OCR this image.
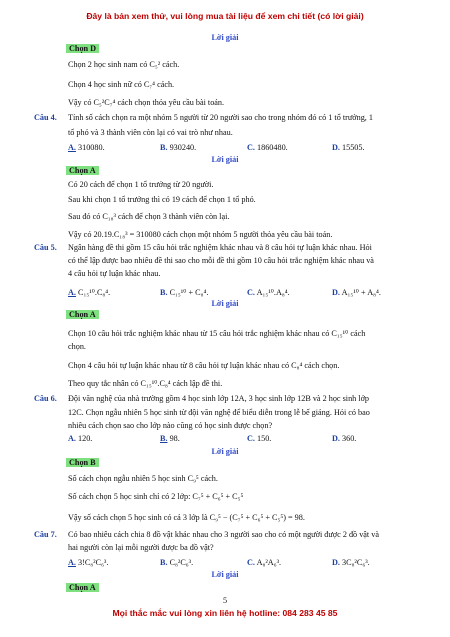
Đây là bản xem thử, vui lòng mua tài liệu để xem chi tiết (có lời giải)
Lời giải
Chọn D
Chọn 2 học sinh nam có C₅² cách.
Chọn 4 học sinh nữ có C₇⁴ cách.
Vậy có C₅²C₇⁴ cách chọn thỏa yêu cầu bài toán.
Câu 4. Tính số cách chọn ra một nhóm 5 người từ 20 người sao cho trong nhóm đó có 1 tổ trưởng, 1
tổ phó và 3 thành viên còn lại có vai trò như nhau.
A. 310080.	B. 930240.	C. 1860480.	D. 15505.
Lời giải
Chọn A
Có 20 cách để chọn 1 tổ trưởng từ 20 người.
Sau khi chọn 1 tổ trưởng thì có 19 cách để chọn 1 tổ phó.
Sau đó có C₁₈³ cách để chọn 3 thành viên còn lại.
Vậy có 20.19.C₁₈³ = 310080 cách chọn một nhóm 5 người thỏa yêu cầu bài toán.
Câu 5. Ngân hàng đề thi gồm 15 câu hỏi trắc nghiệm khác nhau và 8 câu hỏi tự luận khác nhau. Hỏi
có thể lập được bao nhiêu đề thi sao cho mỗi đề thi gồm 10 câu hỏi trắc nghiệm khác nhau và
4 câu hỏi tự luận khác nhau.
A. C₁₅¹⁰.C₈⁴.	B. C₁₅¹⁰ + C₈⁴.	C. A₁₅¹⁰.A₈⁴.	D. A₁₅¹⁰ + A₈⁴.
Lời giải
Chọn A
Chọn 10 câu hỏi trắc nghiệm khác nhau từ 15 câu hỏi trắc nghiệm khác nhau có C₁₅¹⁰ cách
chọn.
Chọn 4 câu hỏi tự luận khác nhau từ 8 câu hỏi tự luận khác nhau có C₈⁴ cách chọn.
Theo quy tắc nhân có C₁₅¹⁰.C₈⁴ cách lập đề thi.
Câu 6. Đội văn nghệ của nhà trường gồm 4 học sinh lớp 12A, 3 học sinh lớp 12B và 2 học sinh lớp
12C. Chọn ngẫu nhiên 5 học sinh từ đội văn nghệ để biểu diễn trong lễ bế giảng. Hỏi có bao
nhiêu cách chọn sao cho lớp nào cũng có học sinh được chọn?
A. 120.	B. 98.	C. 150.	D. 360.
Lời giải
Chọn B
Số cách chọn ngẫu nhiên 5 học sinh C₉⁵ cách.
Số cách chọn 5 học sinh chỉ có 2 lớp: C₇⁵ + C₆⁵ + C₅⁵
Vậy số cách chọn 5 học sinh có cả 3 lớp là C₉⁵ − (C₇⁵ + C₆⁵ + C₅⁵) = 98.
Câu 7. Có bao nhiêu cách chia 8 đồ vật khác nhau cho 3 người sao cho có một người được 2 đồ vật và
hai người còn lại mỗi người được ba đồ vật?
A. 3!C₈²C₆³.	B. C₈²C₆³.	C. A₈²A₆³.	D. 3C₈²C₆³.
Lời giải
Chọn A
5
Mọi thắc mắc vui lòng xin liên hệ hotline: 084 283 45 85
